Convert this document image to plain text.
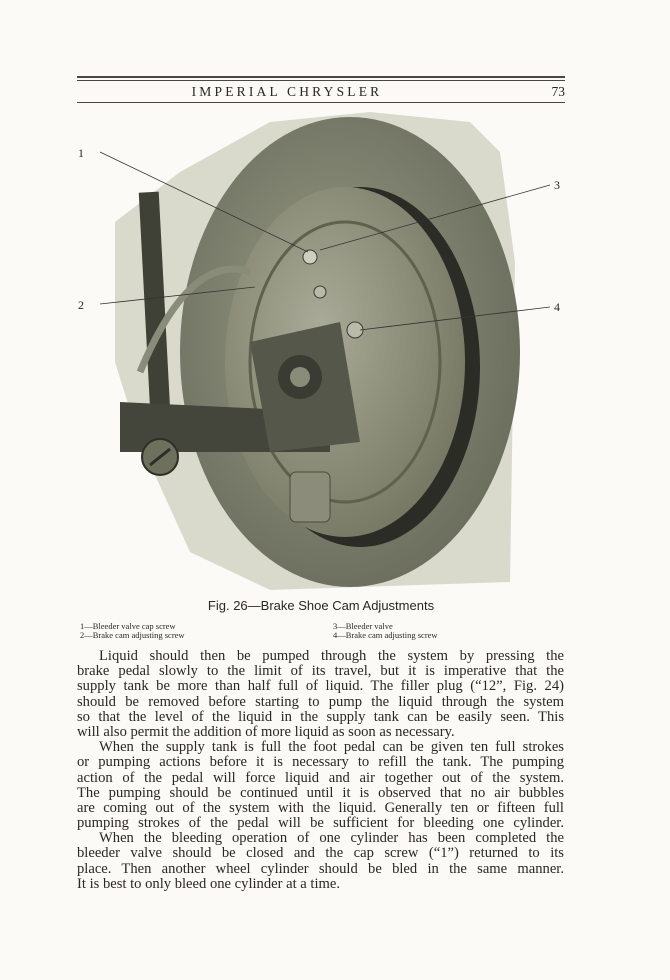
IMPERIAL CHRYSLER	73
1
2
3
4
Fig. 26—Brake Shoe Cam Adjustments
1—Bleeder valve cap screw
2—Brake cam adjusting screw
3—Bleeder valve
4—Brake cam adjusting screw
Liquid should then be pumped through the system by pressing the
brake pedal slowly to the limit of its travel, but it is imperative that the
supply tank be more than half full of liquid. The filler plug (“12”, Fig. 24)
should be removed before starting to pump the liquid through the system
so that the level of the liquid in the supply tank can be easily seen. This
will also permit the addition of more liquid as soon as necessary.
When the supply tank is full the foot pedal can be given ten full strokes
or pumping actions before it is necessary to refill the tank. The pumping
action of the pedal will force liquid and air together out of the system.
The pumping should be continued until it is observed that no air bubbles
are coming out of the system with the liquid. Generally ten or fifteen full
pumping strokes of the pedal will be sufficient for bleeding one cylinder.
When the bleeding operation of one cylinder has been completed the
bleeder valve should be closed and the cap screw (“1”) returned to its
place. Then another wheel cylinder should be bled in the same manner.
It is best to only bleed one cylinder at a time.
